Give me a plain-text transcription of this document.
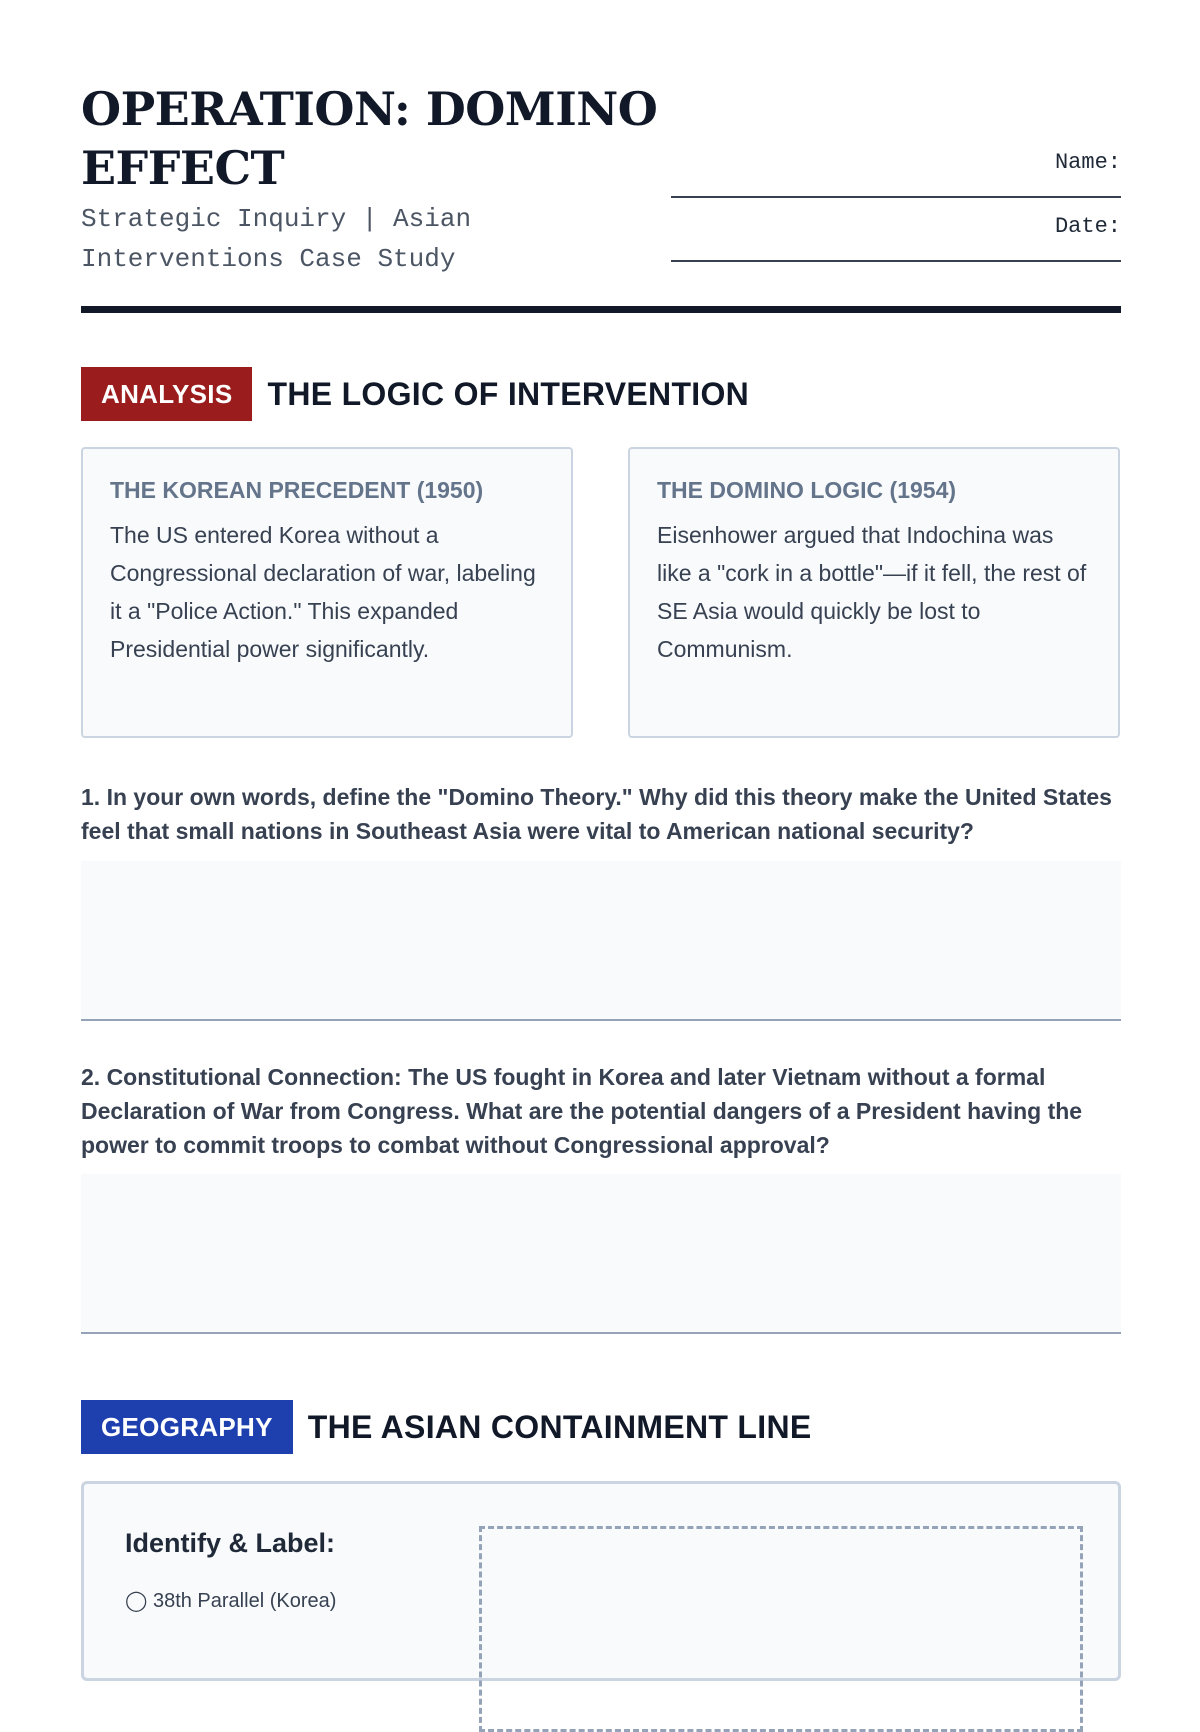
OPERATION: DOMINO EFFECT
Strategic Inquiry | Asian Interventions Case Study
Name:
Date:
ANALYSIS	THE LOGIC OF INTERVENTION
THE KOREAN PRECEDENT (1950)
The US entered Korea without a Congressional declaration of war, labeling it a "Police Action." This expanded Presidential power significantly.
THE DOMINO LOGIC (1954)
Eisenhower argued that Indochina was like a "cork in a bottle"—if it fell, the rest of SE Asia would quickly be lost to Communism.
1. In your own words, define the "Domino Theory." Why did this theory make the United States feel that small nations in Southeast Asia were vital to American national security?
2. Constitutional Connection: The US fought in Korea and later Vietnam without a formal Declaration of War from Congress. What are the potential dangers of a President having the power to commit troops to combat without Congressional approval?
GEOGRAPHY	THE ASIAN CONTAINMENT LINE
Identify & Label:
◯ 38th Parallel (Korea)
